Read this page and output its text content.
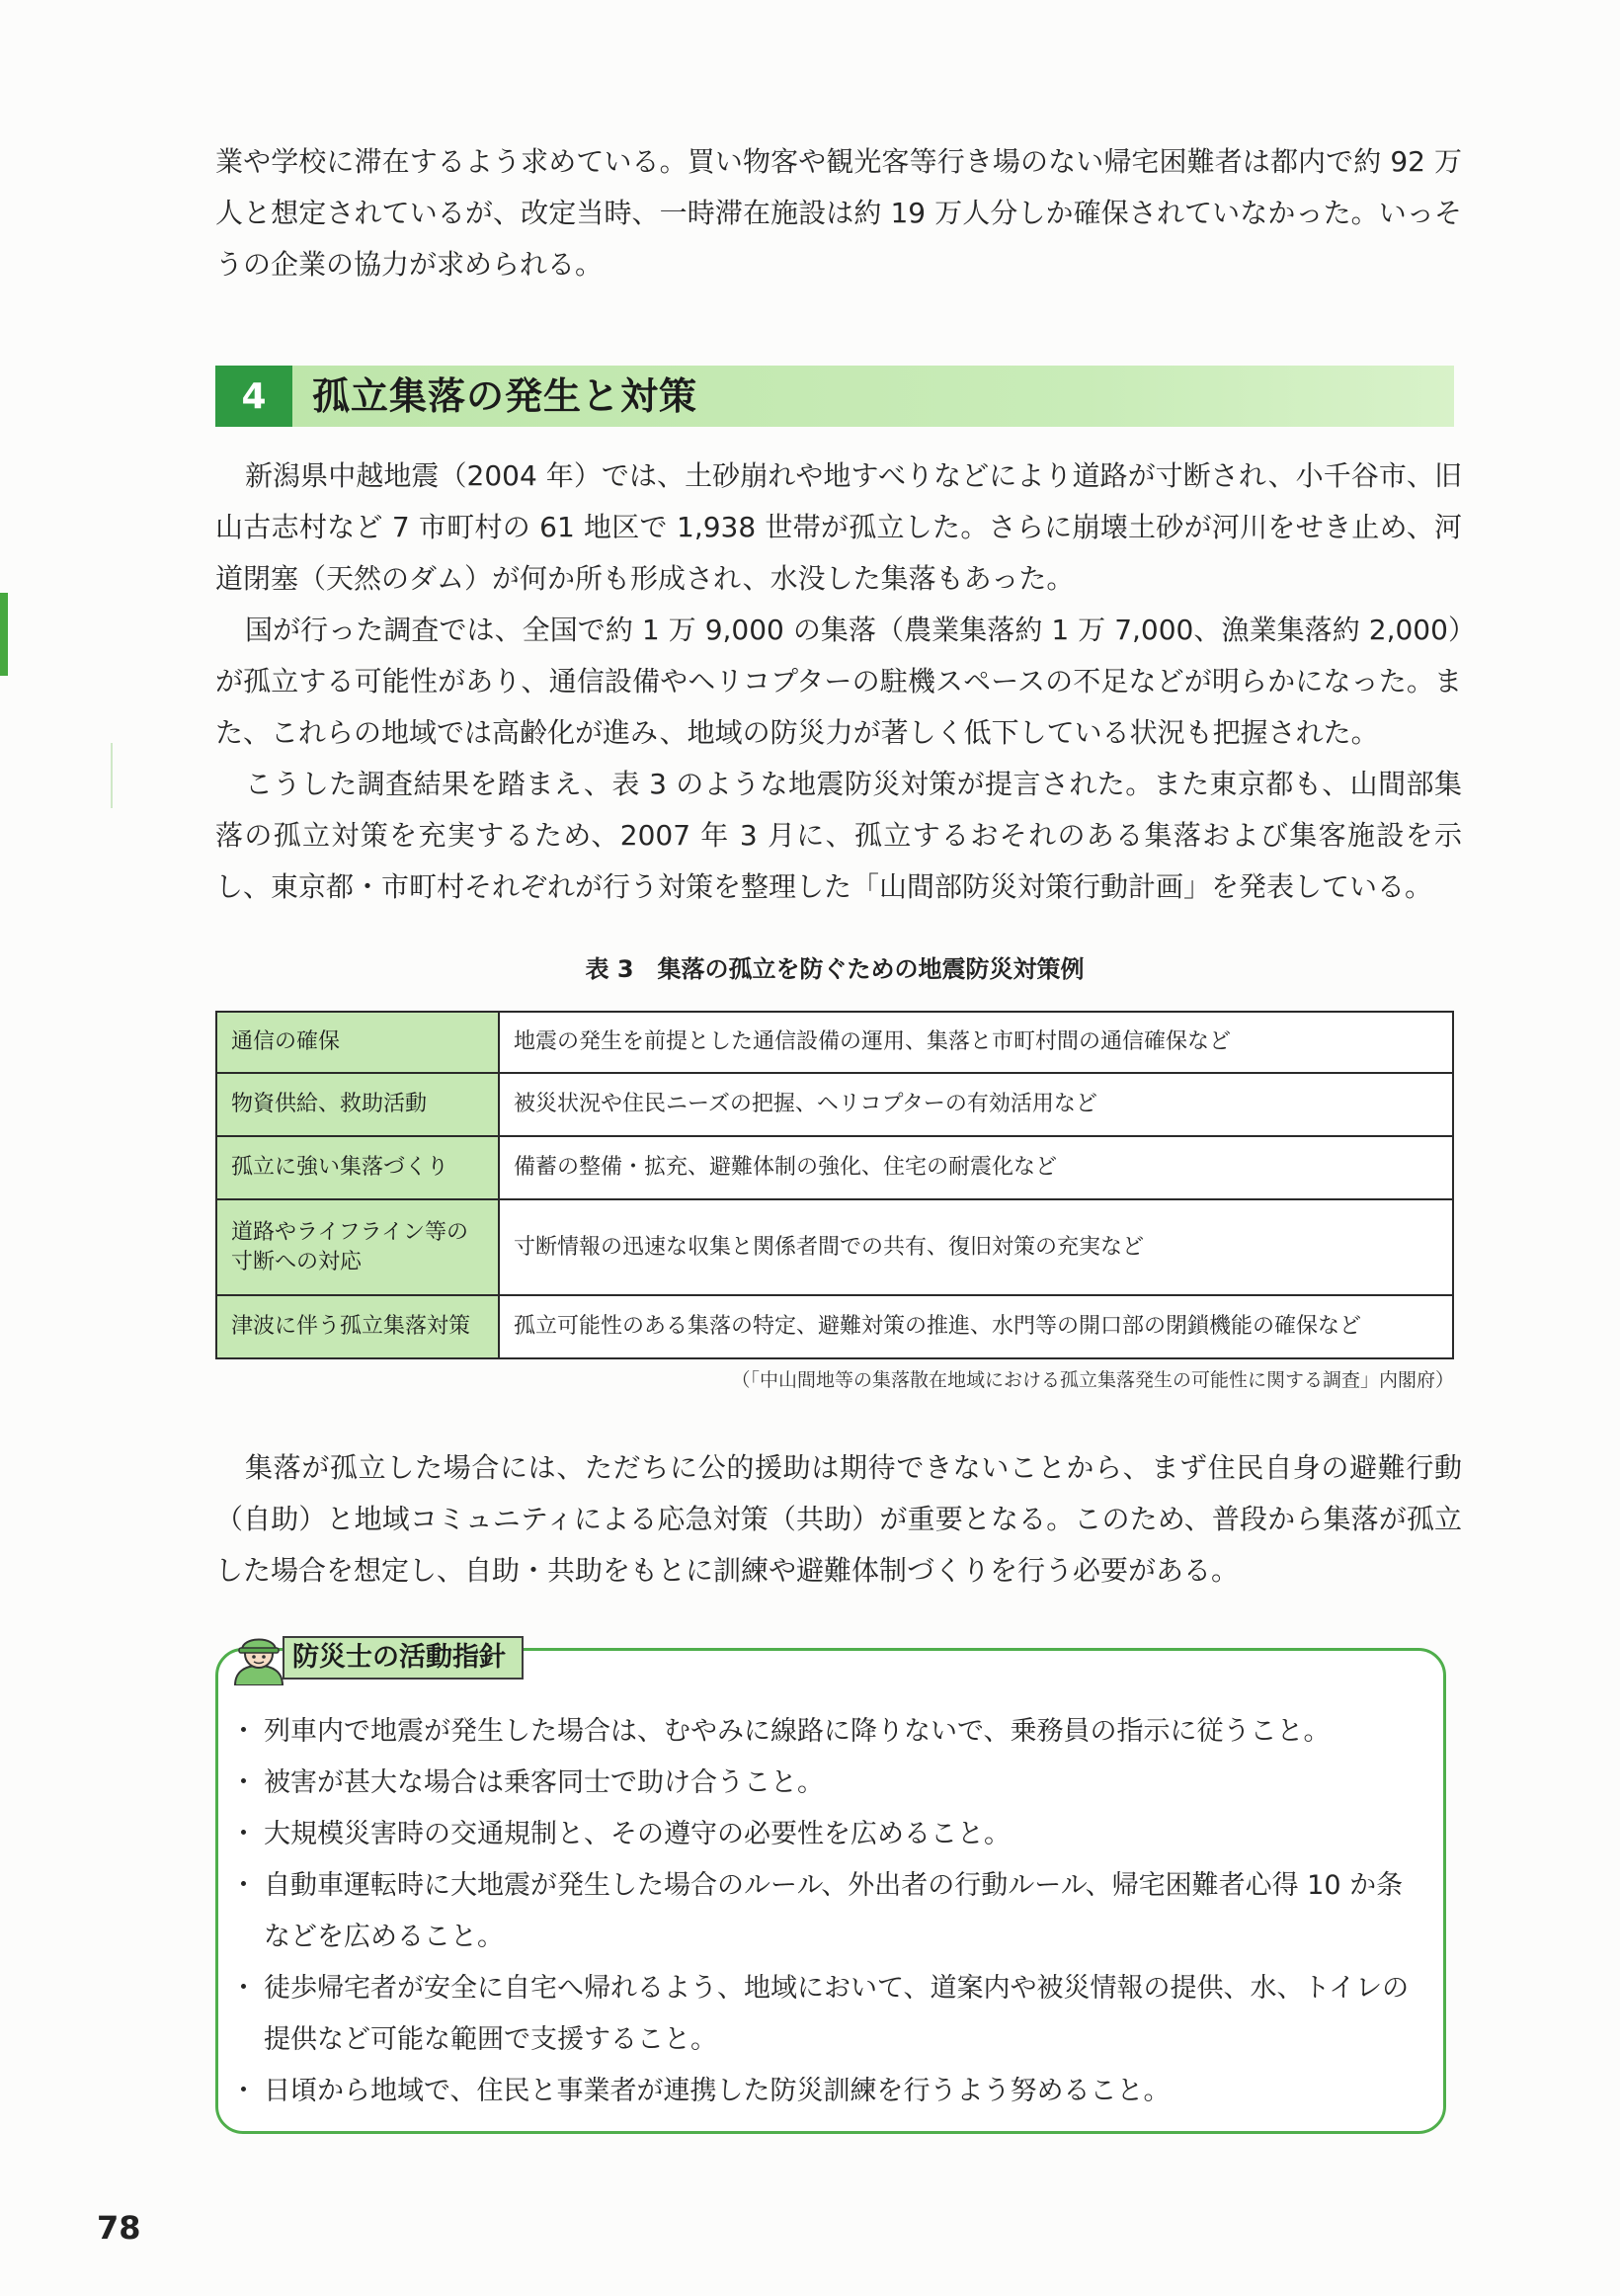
業や学校に滞在するよう求めている。買い物客や観光客等行き場のない帰宅困難者は都内で約 92 万人と想定されているが、改定当時、一時滞在施設は約 19 万人分しか確保されていなかった。いっそうの企業の協力が求められる。

4	孤立集落の発生と対策

新潟県中越地震（2004 年）では、土砂崩れや地すべりなどにより道路が寸断され、小千谷市、旧山古志村など 7 市町村の 61 地区で 1,938 世帯が孤立した。さらに崩壊土砂が河川をせき止め、河道閉塞（天然のダム）が何か所も形成され、水没した集落もあった。

国が行った調査では、全国で約 1 万 9,000 の集落（農業集落約 1 万 7,000、漁業集落約 2,000）が孤立する可能性があり、通信設備やヘリコプターの駐機スペースの不足などが明らかになった。また、これらの地域では高齢化が進み、地域の防災力が著しく低下している状況も把握された。

こうした調査結果を踏まえ、表 3 のような地震防災対策が提言された。また東京都も、山間部集落の孤立対策を充実するため、2007 年 3 月に、孤立するおそれのある集落および集客施設を示し、東京都・市町村それぞれが行う対策を整理した「山間部防災対策行動計画」を発表している。

表 3　集落の孤立を防ぐための地震防災対策例
通信の確保	地震の発生を前提とした通信設備の運用、集落と市町村間の通信確保など
物資供給、救助活動	被災状況や住民ニーズの把握、ヘリコプターの有効活用など
孤立に強い集落づくり	備蓄の整備・拡充、避難体制の強化、住宅の耐震化など
道路やライフライン等の寸断への対応	寸断情報の迅速な収集と関係者間での共有、復旧対策の充実など
津波に伴う孤立集落対策	孤立可能性のある集落の特定、避難対策の推進、水門等の開口部の閉鎖機能の確保など
（「中山間地等の集落散在地域における孤立集落発生の可能性に関する調査」内閣府）

集落が孤立した場合には、ただちに公的援助は期待できないことから、まず住民自身の避難行動（自助）と地域コミュニティによる応急対策（共助）が重要となる。このため、普段から集落が孤立した場合を想定し、自助・共助をもとに訓練や避難体制づくりを行う必要がある。

・ 列車内で地震が発生した場合は、むやみに線路に降りないで、乗務員の指示に従うこと。
・ 被害が甚大な場合は乗客同士で助け合うこと。
・ 大規模災害時の交通規制と、その遵守の必要性を広めること。
・ 自動車運転時に大地震が発生した場合のルール、外出者の行動ルール、帰宅困難者心得 10 か条などを広めること。
・ 徒歩帰宅者が安全に自宅へ帰れるよう、地域において、道案内や被災情報の提供、水、トイレの提供など可能な範囲で支援すること。
・ 日頃から地域で、住民と事業者が連携した防災訓練を行うよう努めること。
防災士の活動指針
78
